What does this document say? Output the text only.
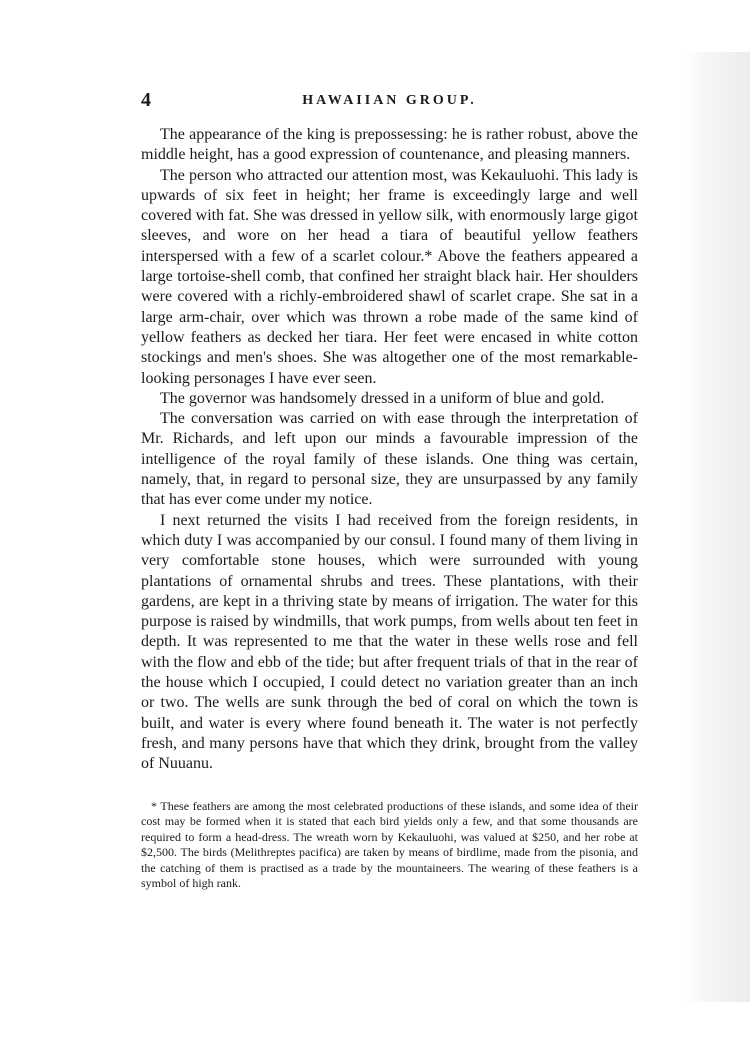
4	HAWAIIAN GROUP.

The appearance of the king is prepossessing: he is rather robust, above the middle height, has a good expression of countenance, and pleasing manners.

The person who attracted our attention most, was Kekauluohi. This lady is upwards of six feet in height; her frame is exceedingly large and well covered with fat. She was dressed in yellow silk, with enormously large gigot sleeves, and wore on her head a tiara of beautiful yellow feathers interspersed with a few of a scarlet colour.* Above the feathers appeared a large tortoise-shell comb, that confined her straight black hair. Her shoulders were covered with a richly-embroidered shawl of scarlet crape. She sat in a large arm-chair, over which was thrown a robe made of the same kind of yellow feathers as decked her tiara. Her feet were encased in white cotton stockings and men's shoes. She was altogether one of the most remarkable-looking personages I have ever seen.

The governor was handsomely dressed in a uniform of blue and gold.

The conversation was carried on with ease through the interpretation of Mr. Richards, and left upon our minds a favourable impression of the intelligence of the royal family of these islands. One thing was certain, namely, that, in regard to personal size, they are unsurpassed by any family that has ever come under my notice.

I next returned the visits I had received from the foreign residents, in which duty I was accompanied by our consul. I found many of them living in very comfortable stone houses, which were surrounded with young plantations of ornamental shrubs and trees. These plantations, with their gardens, are kept in a thriving state by means of irrigation. The water for this purpose is raised by windmills, that work pumps, from wells about ten feet in depth. It was represented to me that the water in these wells rose and fell with the flow and ebb of the tide; but after frequent trials of that in the rear of the house which I occupied, I could detect no variation greater than an inch or two. The wells are sunk through the bed of coral on which the town is built, and water is every where found beneath it. The water is not perfectly fresh, and many persons have that which they drink, brought from the valley of Nuuanu.

* These feathers are among the most celebrated productions of these islands, and some idea of their cost may be formed when it is stated that each bird yields only a few, and that some thousands are required to form a head-dress. The wreath worn by Kekauluohi, was valued at $250, and her robe at $2,500. The birds (Melithreptes pacifica) are taken by means of birdlime, made from the pisonia, and the catching of them is practised as a trade by the mountaineers. The wearing of these feathers is a symbol of high rank.
